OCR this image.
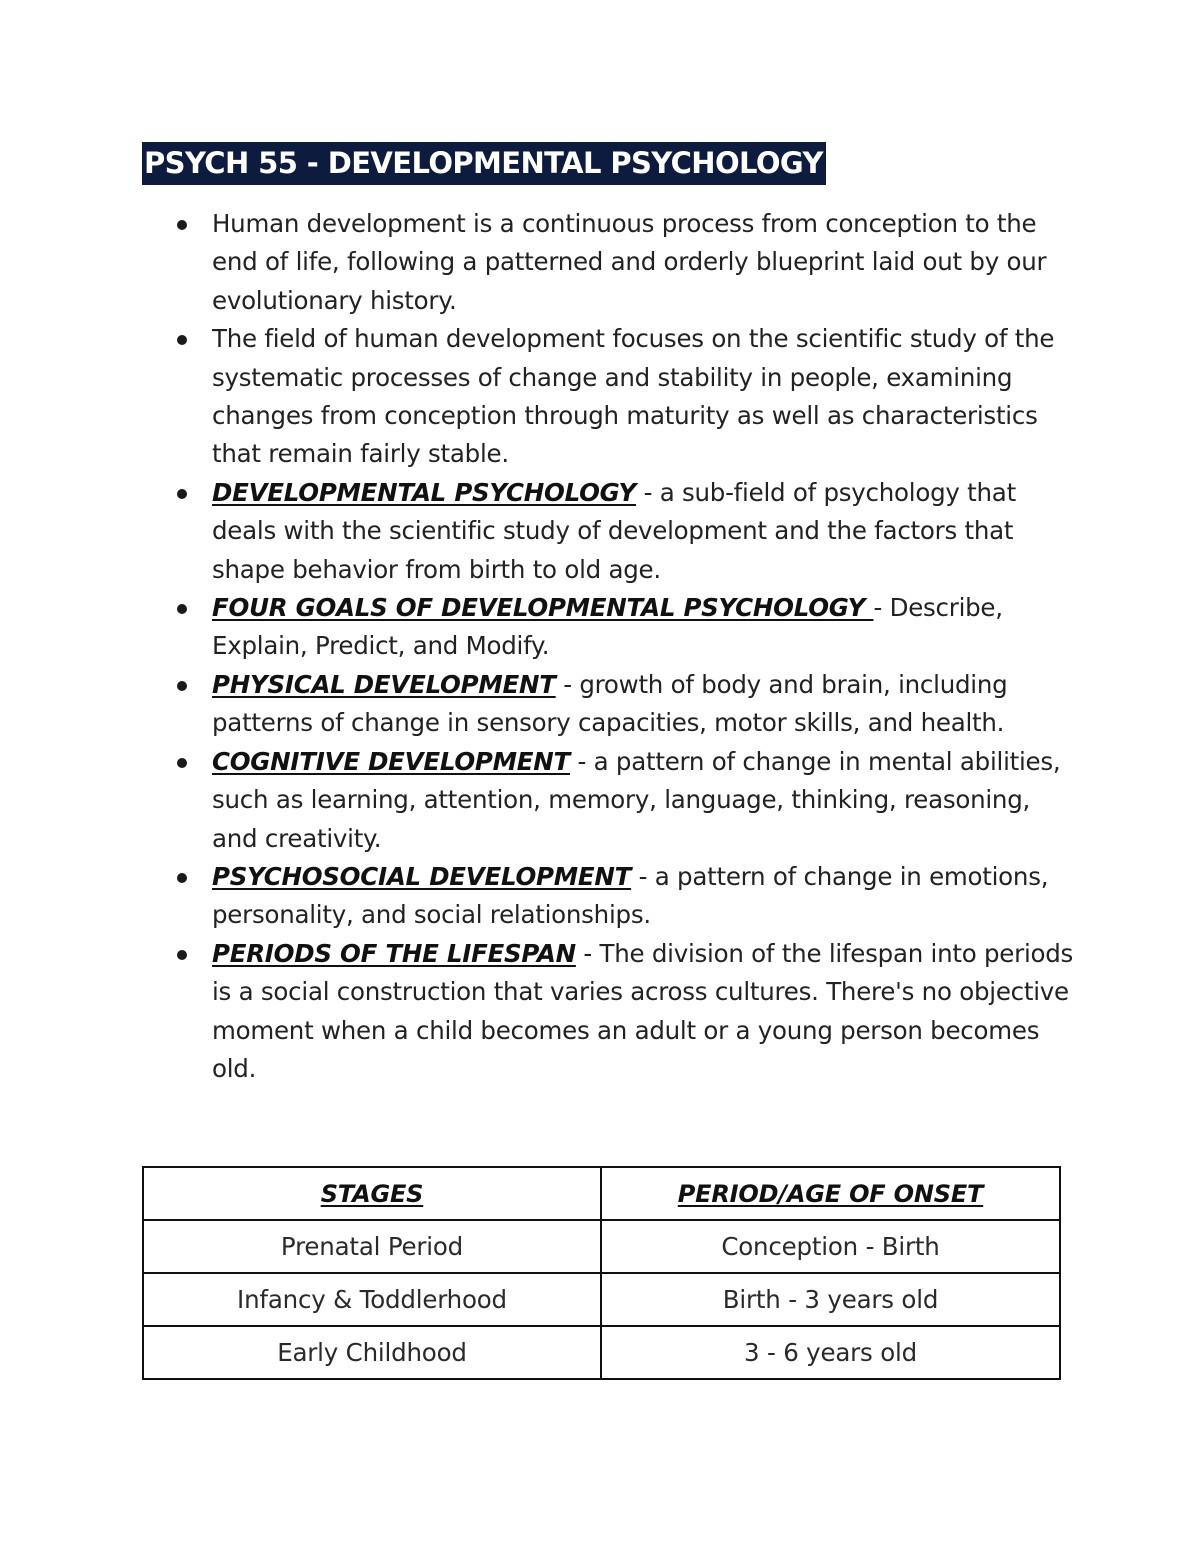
PSYCH 55 - DEVELOPMENTAL PSYCHOLOGY
Human development is a continuous process from conception to the end of life, following a patterned and orderly blueprint laid out by our evolutionary history.
The field of human development focuses on the scientific study of the systematic processes of change and stability in people, examining changes from conception through maturity as well as characteristics that remain fairly stable.
DEVELOPMENTAL PSYCHOLOGY - a sub-field of psychology that deals with the scientific study of development and the factors that shape behavior from birth to old age.
FOUR GOALS OF DEVELOPMENTAL PSYCHOLOGY - Describe, Explain, Predict, and Modify.
PHYSICAL DEVELOPMENT - growth of body and brain, including patterns of change in sensory capacities, motor skills, and health.
COGNITIVE DEVELOPMENT - a pattern of change in mental abilities, such as learning, attention, memory, language, thinking, reasoning, and creativity.
PSYCHOSOCIAL DEVELOPMENT - a pattern of change in emotions, personality, and social relationships.
PERIODS OF THE LIFESPAN - The division of the lifespan into periods is a social construction that varies across cultures. There's no objective moment when a child becomes an adult or a young person becomes old.
STAGES	PERIOD/AGE OF ONSET
Prenatal Period	Conception - Birth
Infancy & Toddlerhood	Birth - 3 years old
Early Childhood	3 - 6 years old
